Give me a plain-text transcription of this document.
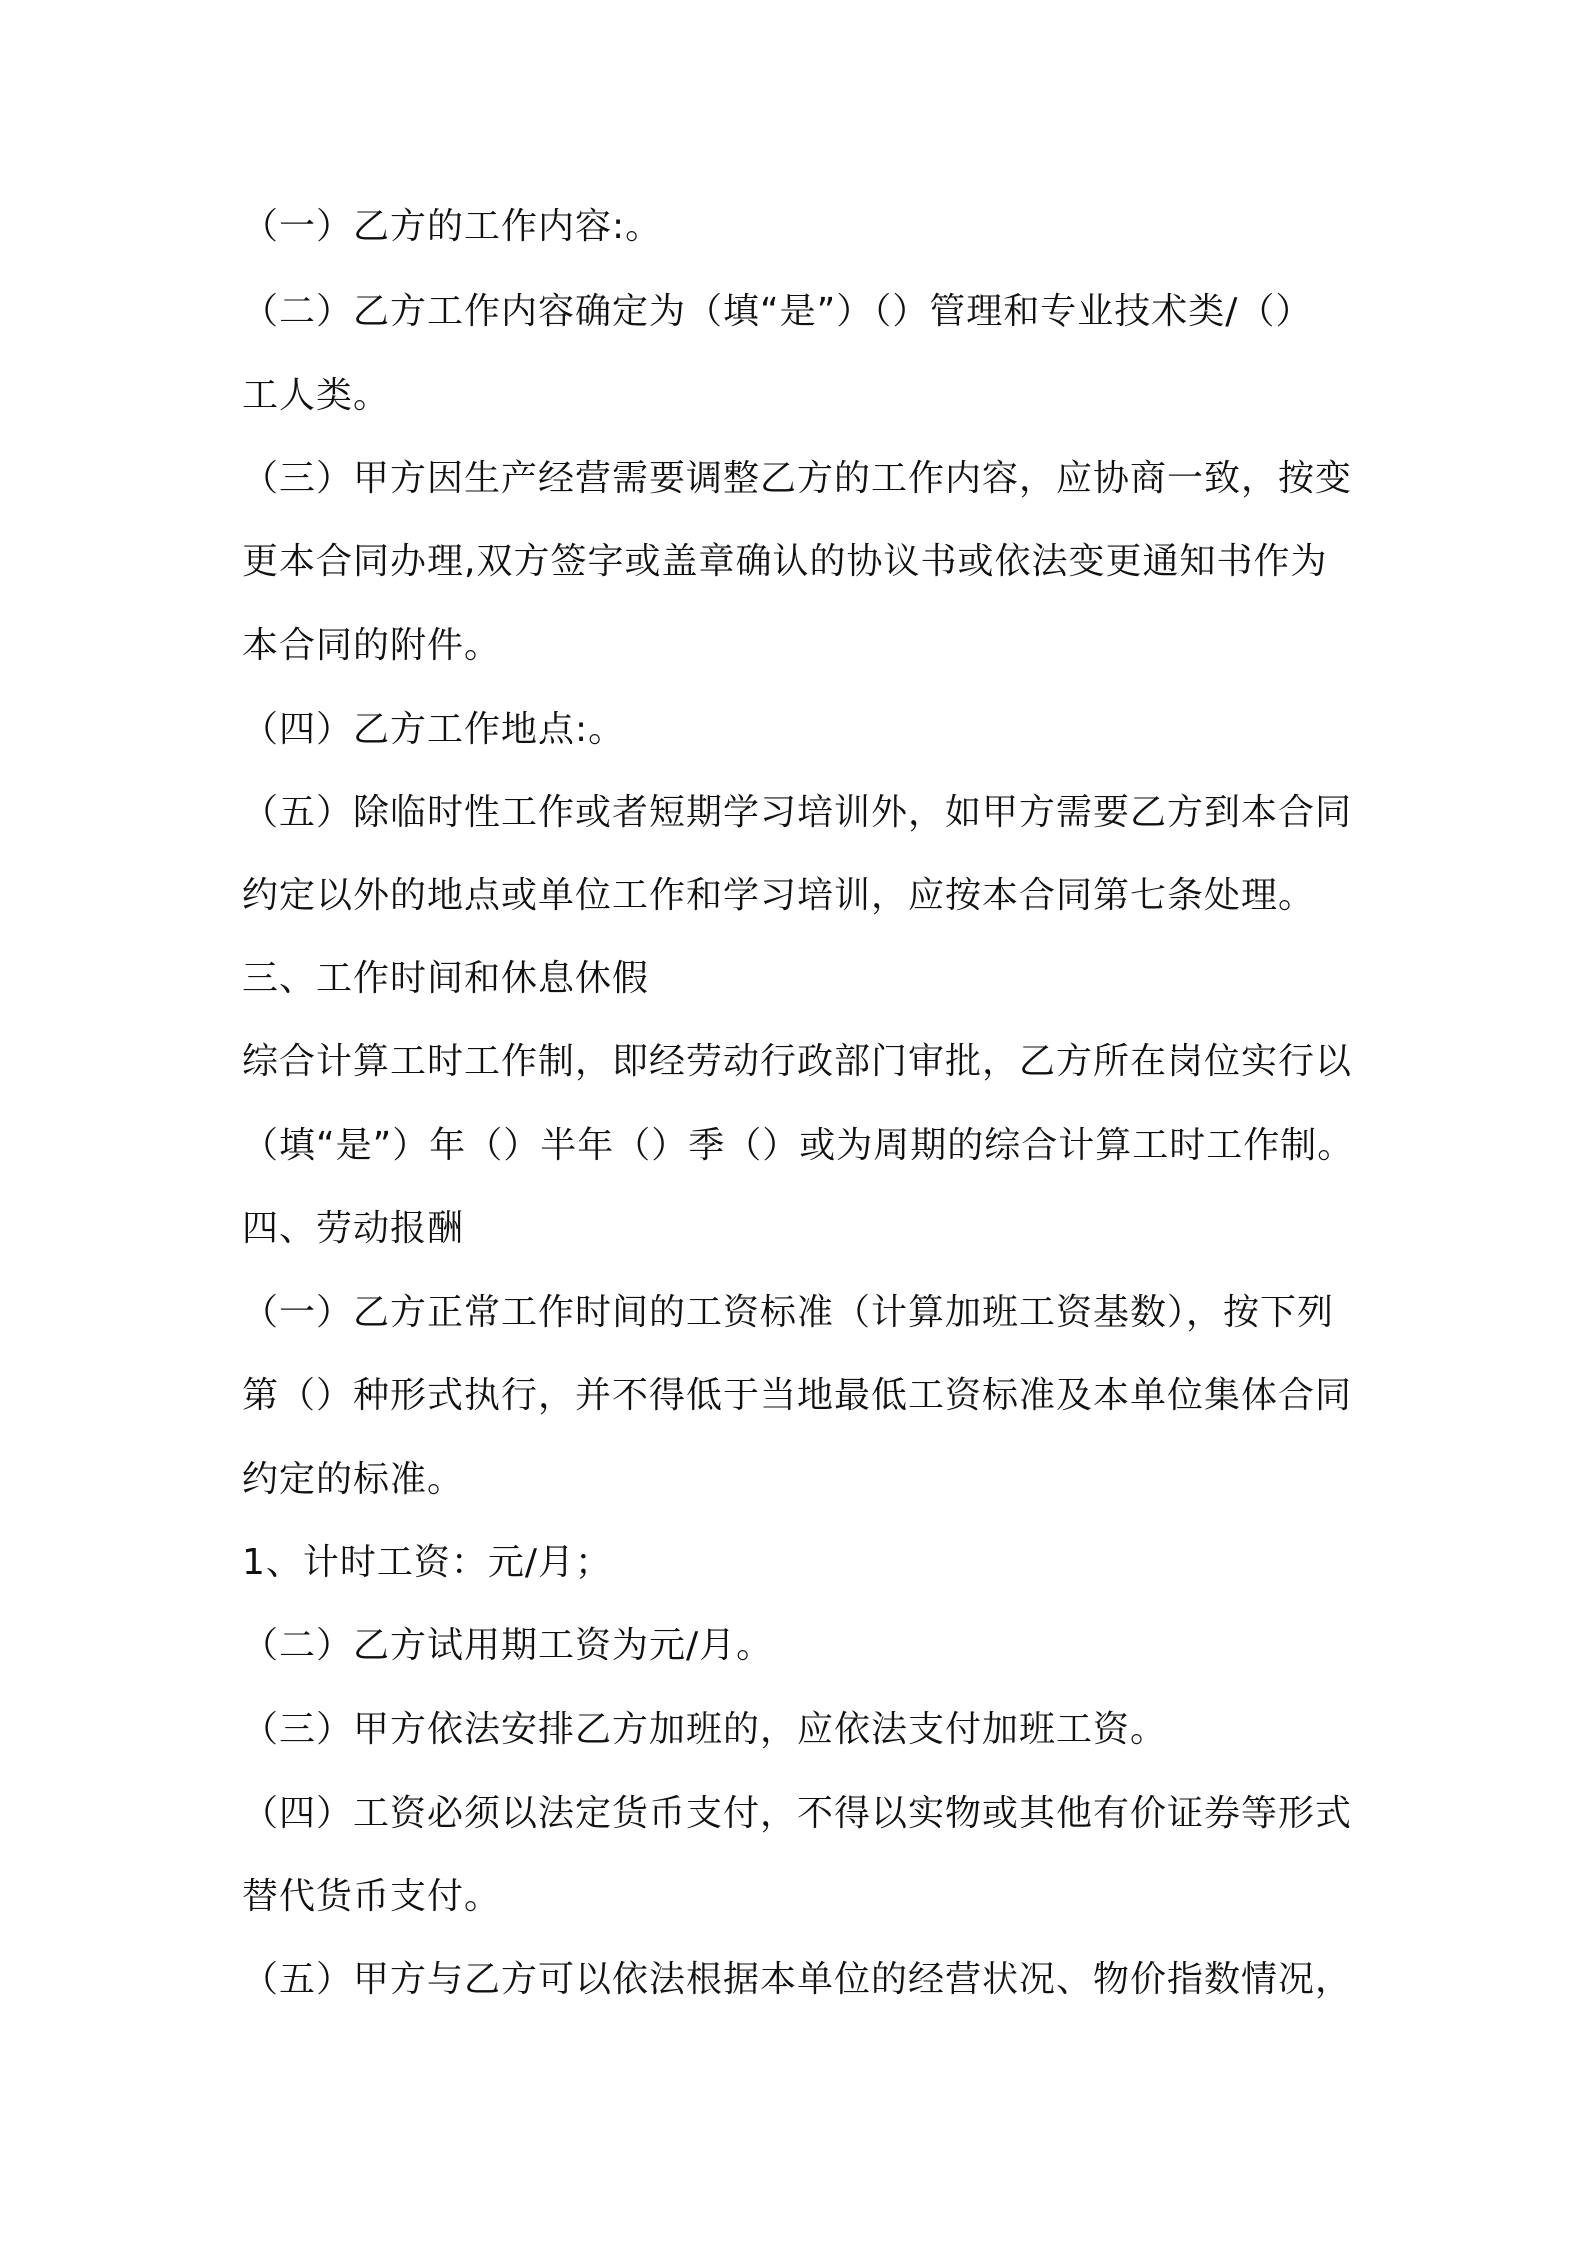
（一）乙方的工作内容:。
（二）乙方工作内容确定为（填“是”）（）管理和专业技术类/（）
工人类。
（三）甲方因生产经营需要调整乙方的工作内容，应协商一致，按变
更本合同办理,双方签字或盖章确认的协议书或依法变更通知书作为
本合同的附件。
（四）乙方工作地点:。
（五）除临时性工作或者短期学习培训外，如甲方需要乙方到本合同
约定以外的地点或单位工作和学习培训，应按本合同第七条处理。
三、工作时间和休息休假
综合计算工时工作制，即经劳动行政部门审批，乙方所在岗位实行以
（填“是”）年（）半年（）季（）或为周期的综合计算工时工作制。
四、劳动报酬
（一）乙方正常工作时间的工资标准（计算加班工资基数），按下列
第（）种形式执行，并不得低于当地最低工资标准及本单位集体合同
约定的标准。
1、计时工资：元/月；
（二）乙方试用期工资为元/月。
（三）甲方依法安排乙方加班的，应依法支付加班工资。
（四）工资必须以法定货币支付，不得以实物或其他有价证券等形式
替代货币支付。
（五）甲方与乙方可以依法根据本单位的经营状况、物价指数情况，
